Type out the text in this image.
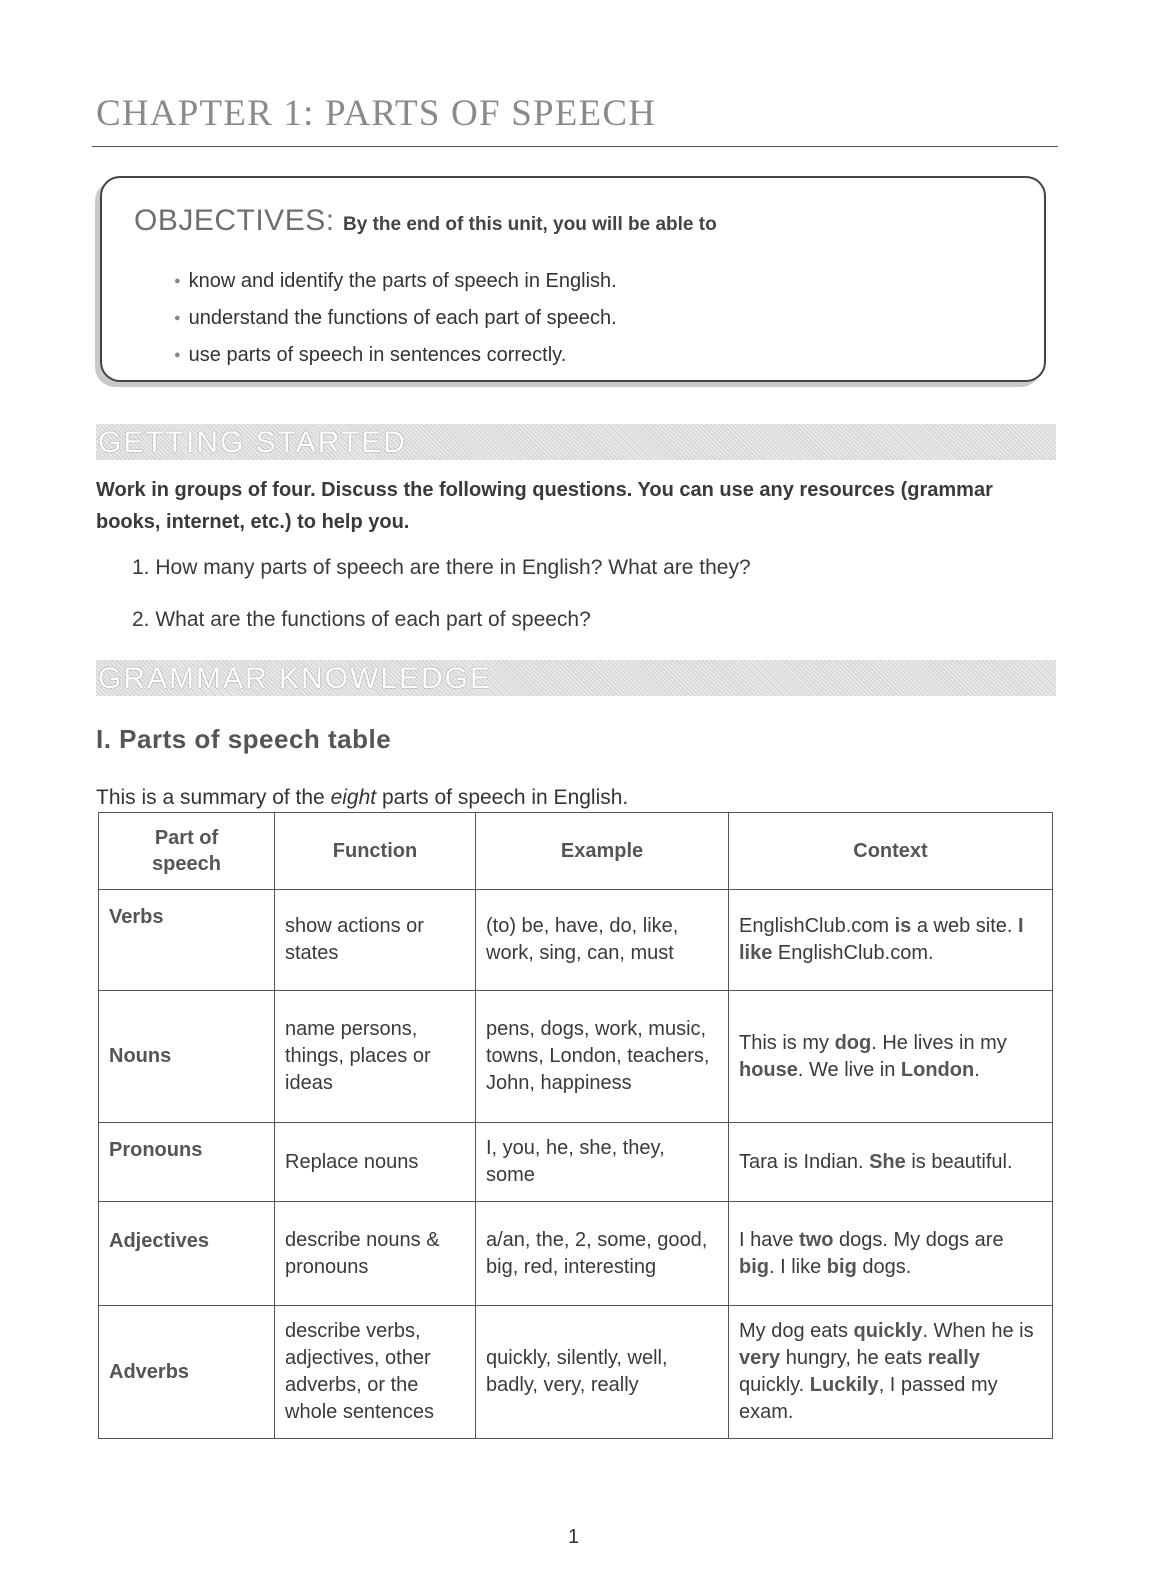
CHAPTER 1: PARTS OF SPEECH
OBJECTIVES: By the end of this unit, you will be able to
● know and identify the parts of speech in English.
● understand the functions of each part of speech.
● use parts of speech in sentences correctly.
GETTING STARTED

Work in groups of four. Discuss the following questions. You can use any resources (grammar books, internet, etc.) to help you.

1. How many parts of speech are there in English? What are they?
2. What are the functions of each part of speech?
GRAMMAR KNOWLEDGE
I. Parts of speech table

This is a summary of the eight parts of speech in English.

Part of speech	Function	Example	Context
Verbs	show actions or states	(to) be, have, do, like, work, sing, can, must	EnglishClub.com is a web site. I like EnglishClub.com.
Nouns	name persons, things, places or ideas	pens, dogs, work, music, towns, London, teachers, John, happiness	This is my dog. He lives in my house. We live in London.
Pronouns	Replace nouns	I, you, he, she, they, some	Tara is Indian. She is beautiful.
Adjectives	describe nouns & pronouns	a/an, the, 2, some, good, big, red, interesting	I have two dogs. My dogs are big. I like big dogs.
Adverbs	describe verbs, adjectives, other adverbs, or the whole sentences	quickly, silently, well, badly, very, really	My dog eats quickly. When he is very hungry, he eats really quickly. Luckily, I passed my exam.
1
